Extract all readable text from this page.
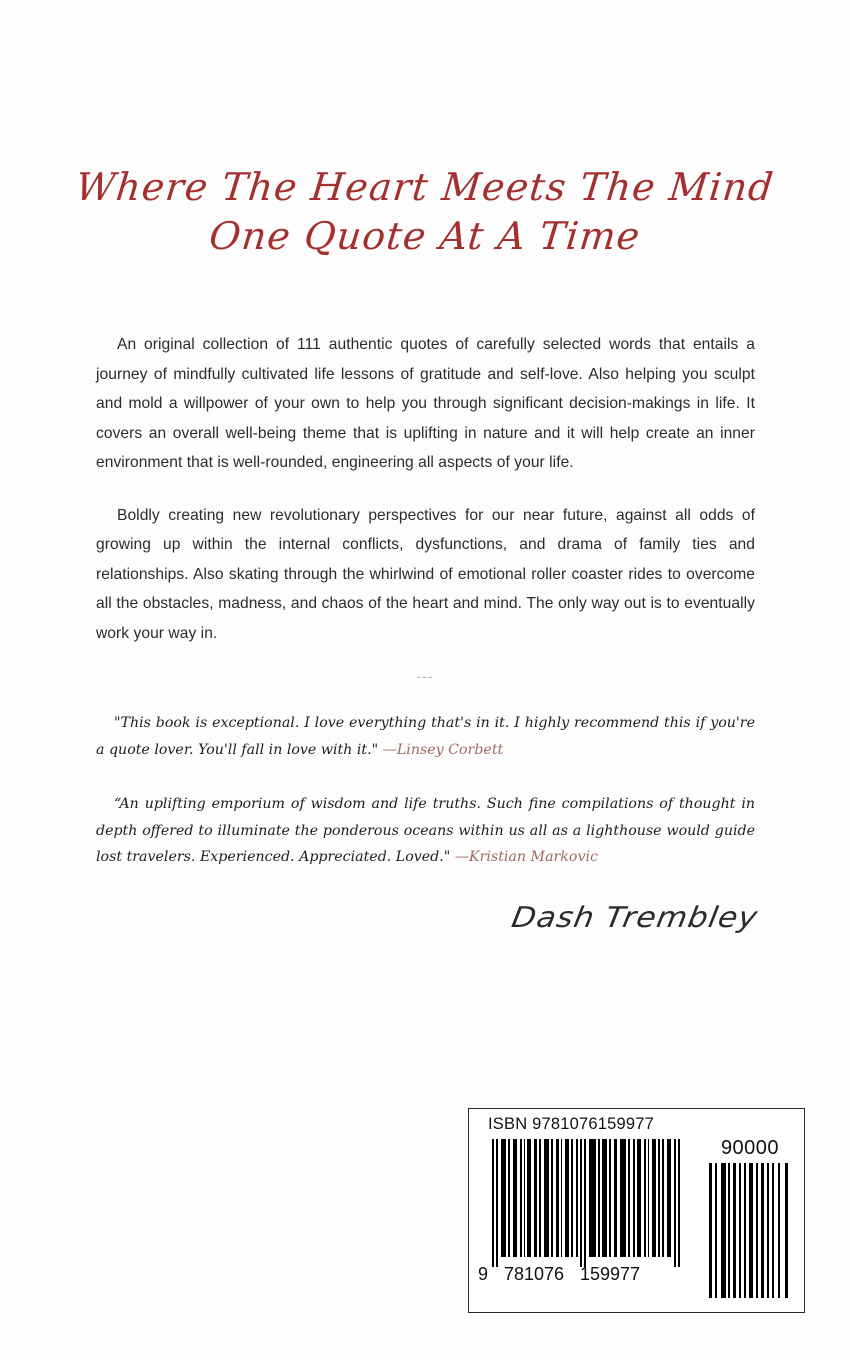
Where The Heart Meets The Mind
One Quote At A Time

An original collection of 111 authentic quotes of carefully selected words that entails a journey of mindfully cultivated life lessons of gratitude and self-love. Also helping you sculpt and mold a willpower of your own to help you through significant decision-makings in life. It covers an overall well-being theme that is uplifting in nature and it will help create an inner environment that is well-rounded, engineering all aspects of your life.

Boldly creating new revolutionary perspectives for our near future, against all odds of growing up within the internal conflicts, dysfunctions, and drama of family ties and relationships. Also skating through the whirlwind of emotional roller coaster rides to overcome all the obstacles, madness, and chaos of the heart and mind. The only way out is to eventually work your way in.

---

"This book is exceptional. I love everything that's in it. I highly recommend this if you're a quote lover. You'll fall in love with it." —Linsey Corbett

“An uplifting emporium of wisdom and life truths. Such fine compilations of thought in depth offered to illuminate the ponderous oceans within us all as a lighthouse would guide lost travelers. Experienced. Appreciated. Loved." —Kristian Markovic

Dash Trembley
ISBN 9781076159977
9 781076 159977
90000
